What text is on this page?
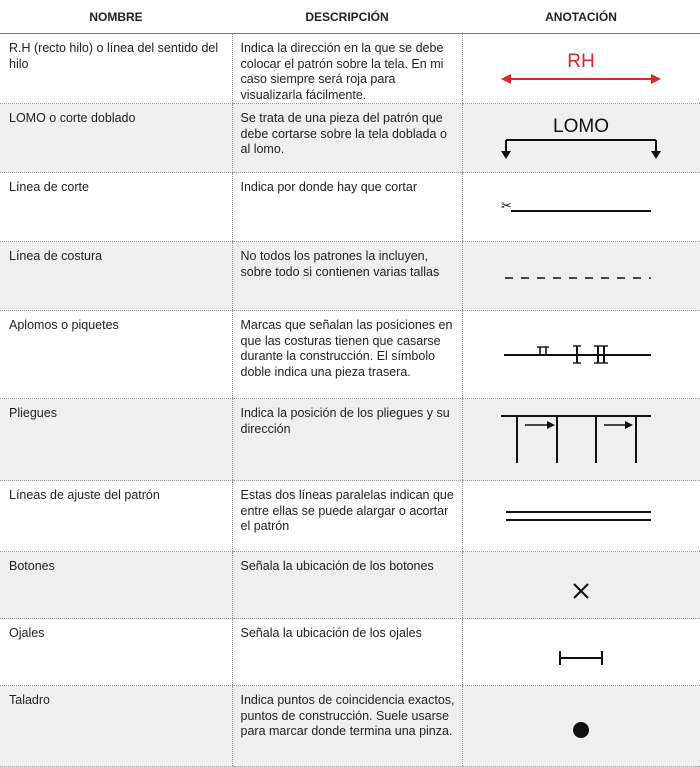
NOMBRE	DESCRIPCIÓN	ANOTACIÓN
R.H (recto hilo) o línea del sentido del hilo	Indica la dirección en la que se debe colocar el patrón sobre la tela. En mi caso siempre será roja para visualizarla fácilmente.	RH

LOMO o corte doblado	Se trata de una pieza del patrón que debe cortarse sobre la tela doblada o al lomo.	LOMO

Línea de corte	Indica por donde hay que cortar	✂

Línea de costura	No todos los patrones la incluyen, sobre todo si contienen varias tallas	

Aplomos o piquetes	Marcas que señalan las posiciones en que las costuras tienen que casarse durante la construcción. El símbolo doble indica una pieza trasera.	

Pliegues	Indica la posición de los pliegues y su dirección	

Líneas de ajuste del patrón	Estas dos líneas paralelas indican que entre ellas se puede alargar o acortar el patrón	

Botones	Señala la ubicación de los botones	

Ojales	Señala la ubicación de los ojales	

Taladro	Indica puntos de coincidencia exactos, puntos de construcción. Suele usarse para marcar donde termina una pinza.	
